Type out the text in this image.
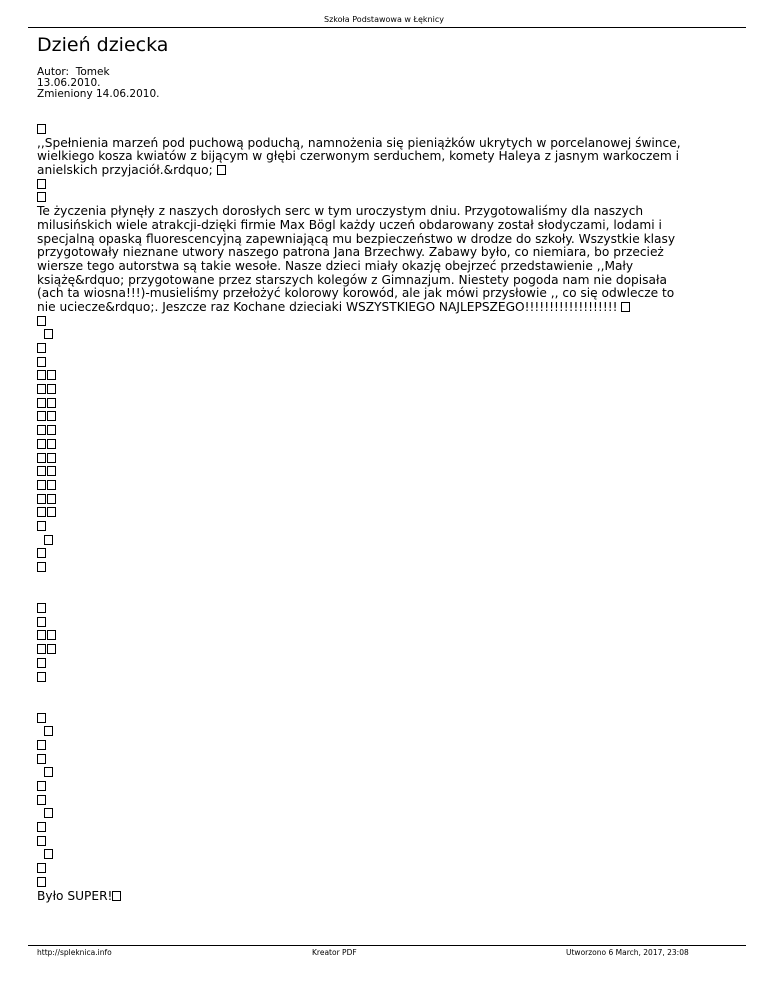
Szkoła Podstawowa w Łęknicy
Dzień dziecka
Autor:  Tomek
13.06.2010.
Zmieniony 14.06.2010.
,,Spełnienia marzeń pod puchową poduchą, namnożenia się pieniążków ukrytych w porcelanowej śwince,
wielkiego kosza kwiatów z bijącym w głębi czerwonym serduchem, komety Haleya z jasnym warkoczem i
anielskich przyjaciół.&rdquo;
Te życzenia płynęły z naszych dorosłych serc w tym uroczystym dniu. Przygotowaliśmy dla naszych
milusińskich wiele atrakcji-dzięki firmie Max Bögl każdy uczeń obdarowany został słodyczami, lodami i
specjalną opaską fluorescencyjną zapewniającą mu bezpieczeństwo w drodze do szkoły. Wszystkie klasy
przygotowały nieznane utwory naszego patrona Jana Brzechwy. Zabawy było, co niemiara, bo przecież
wiersze tego autorstwa są takie wesołe. Nasze dzieci miały okazję obejrzeć przedstawienie ,,Mały
książę&rdquo; przygotowane przez starszych kolegów z Gimnazjum. Niestety pogoda nam nie dopisała
(ach ta wiosna!!!)-musieliśmy przełożyć kolorowy korowód, ale jak mówi przysłowie ,, co się odwlecze to
nie uciecze&rdquo;. Jeszcze raz Kochane dzieciaki WSZYSTKIEGO NAJLEPSZEGO!!!!!!!!!!!!!!!!!!!
Było SUPER!
http://spleknica.info	Kreator PDF	Utworzono 6 March, 2017, 23:08
